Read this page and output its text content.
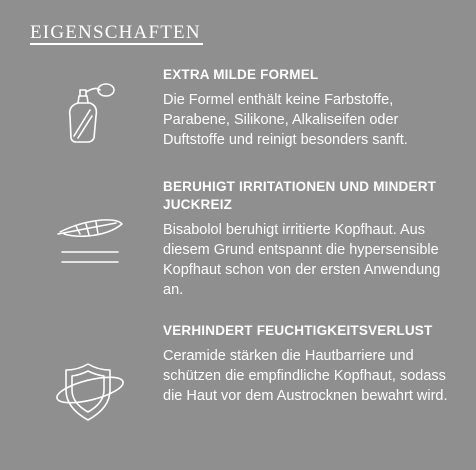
EIGENSCHAFTEN

EXTRA MILDE FORMEL

Die Formel enthält keine Farbstoffe, Parabene, Silikone, Alkaliseifen oder Duftstoffe und reinigt besonders sanft.

BERUHIGT IRRITATIONEN UND MINDERT JUCKREIZ

Bisabolol beruhigt irritierte Kopfhaut. Aus diesem Grund entspannt die hypersensible Kopfhaut schon von der ersten Anwendung an.

VERHINDERT FEUCHTIGKEITSVERLUST

Ceramide stärken die Hautbarriere und schützen die empfindliche Kopfhaut, sodass die Haut vor dem Austrocknen bewahrt wird.
